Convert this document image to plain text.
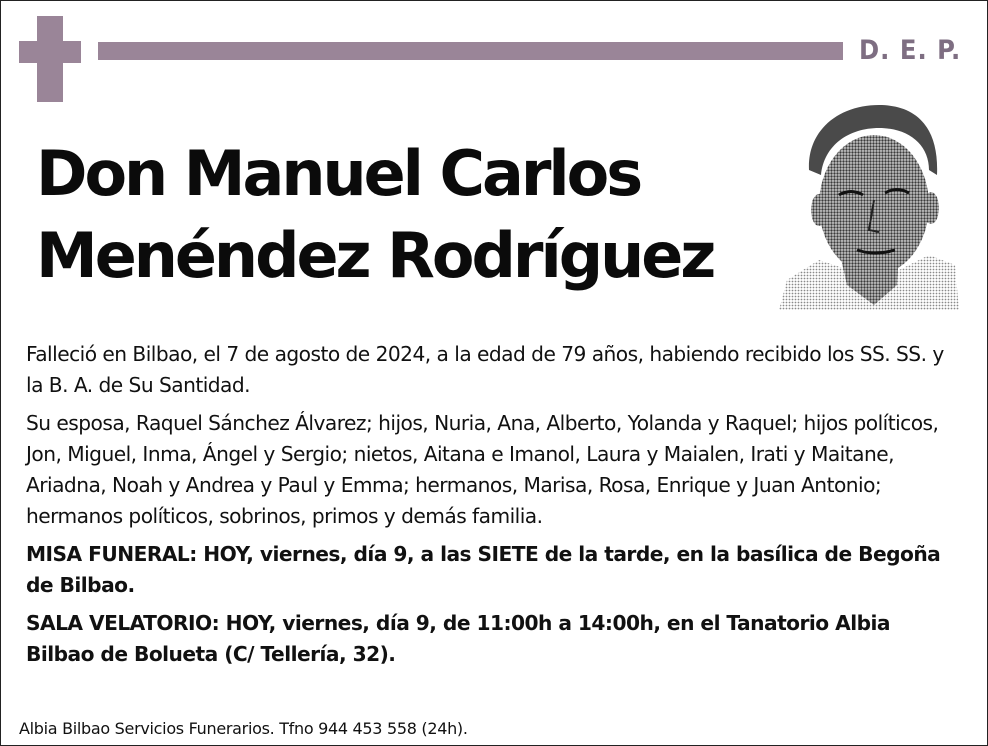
D. E. P.
Don Manuel Carlos
Menéndez Rodríguez

Falleció en Bilbao, el 7 de agosto de 2024, a la edad de 79 años, habiendo recibido los SS. SS. y la B. A. de Su Santidad.

Su esposa, Raquel Sánchez Álvarez; hijos, Nuria, Ana, Alberto, Yolanda y Raquel; hijos políticos, Jon, Miguel, Inma, Ángel y Sergio; nietos, Aitana e Imanol, Laura y Maialen, Irati y Maitane, Ariadna, Noah y Andrea y Paul y Emma; hermanos, Marisa, Rosa, Enrique y Juan Antonio; hermanos políticos, sobrinos, primos y demás familia.

MISA FUNERAL: HOY, viernes, día 9, a las SIETE de la tarde, en la basílica de Begoña de Bilbao.

SALA VELATORIO: HOY, viernes, día 9, de 11:00h a 14:00h, en el Tanatorio Albia Bilbao de Bolueta (C/ Tellería, 32).

Albia Bilbao Servicios Funerarios. Tfno 944 453 558 (24h).
